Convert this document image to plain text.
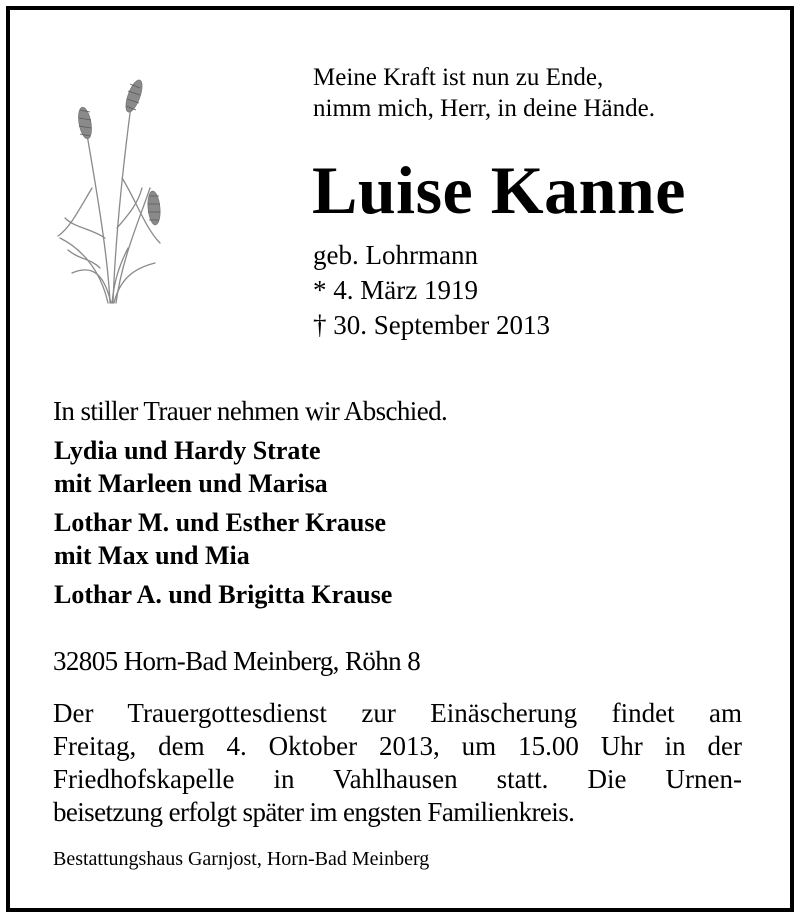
Meine Kraft ist nun zu Ende,
nimm mich, Herr, in deine Hände.
Luise Kanne
geb. Lohrmann
* 4. März 1919
† 30. September 2013
In stiller Trauer nehmen wir Abschied.
Lydia und Hardy Strate
mit Marleen und Marisa
Lothar M. und Esther Krause
mit Max und Mia
Lothar A. und Brigitta Krause
32805 Horn-Bad Meinberg, Röhn 8
Der Trauergottesdienst zur Einäscherung findet am
Freitag, dem 4. Oktober 2013, um 15.00 Uhr in der
Friedhofskapelle in Vahlhausen statt. Die Urnen-
beisetzung erfolgt später im engsten Familienkreis.
Bestattungshaus Garnjost, Horn-Bad Meinberg
